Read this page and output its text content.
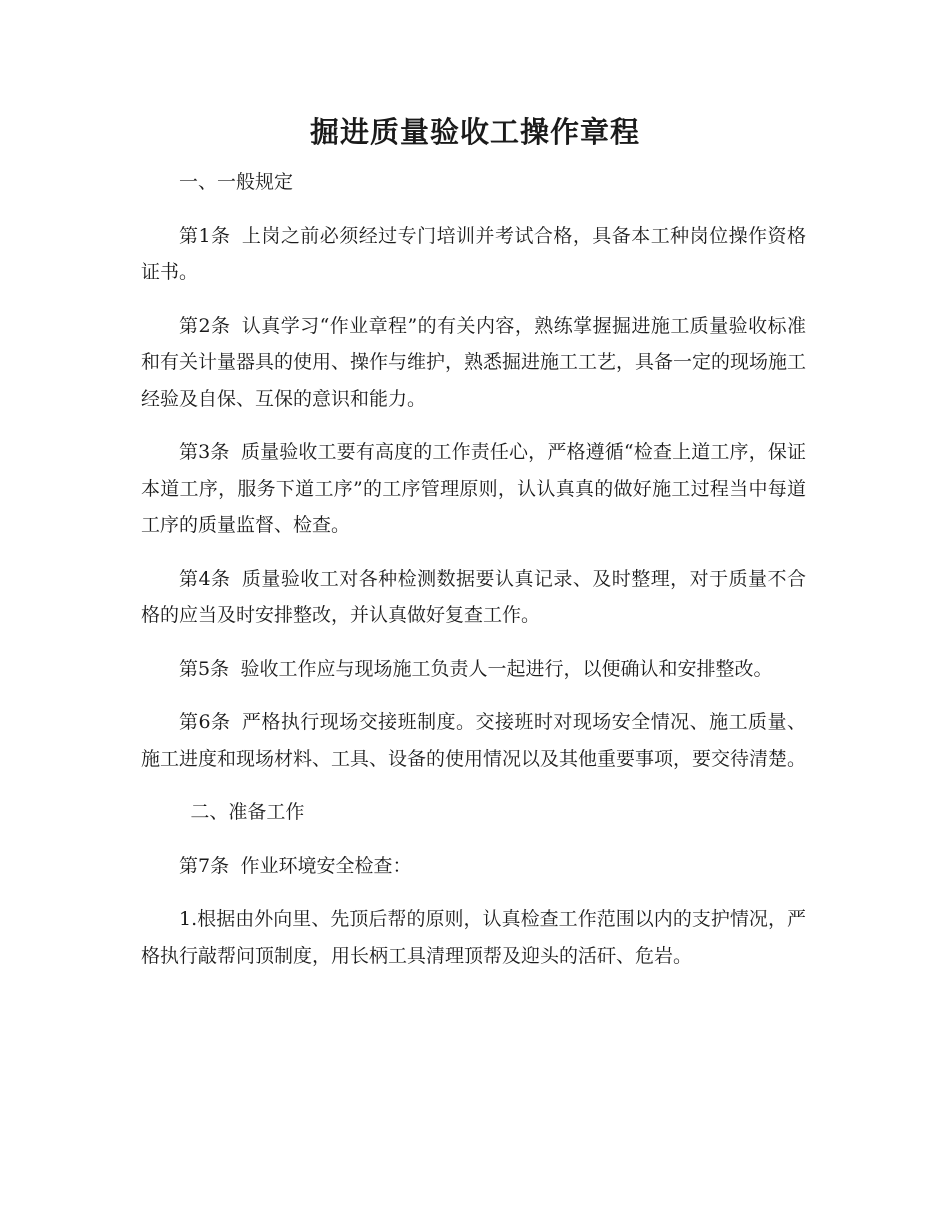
掘进质量验收工操作章程

一、一般规定

第1条 上岗之前必须经过专门培训并考试合格，具备本工种岗位操作资格证书。

第2条 认真学习“作业章程”的有关内容，熟练掌握掘进施工质量验收标准和有关计量器具的使用、操作与维护，熟悉掘进施工工艺，具备一定的现场施工经验及自保、互保的意识和能力。

第3条 质量验收工要有高度的工作责任心，严格遵循“检查上道工序，保证本道工序，服务下道工序”的工序管理原则，认认真真的做好施工过程当中每道工序的质量监督、检查。

第4条 质量验收工对各种检测数据要认真记录、及时整理，对于质量不合格的应当及时安排整改，并认真做好复查工作。

第5条 验收工作应与现场施工负责人一起进行，以便确认和安排整改。

第6条 严格执行现场交接班制度。交接班时对现场安全情况、施工质量、施工进度和现场材料、工具、设备的使用情况以及其他重要事项，要交待清楚。

二、准备工作

第7条 作业环境安全检查：

1.根据由外向里、先顶后帮的原则，认真检查工作范围以内的支护情况，严格执行敲帮问顶制度，用长柄工具清理顶帮及迎头的活矸、危岩。
